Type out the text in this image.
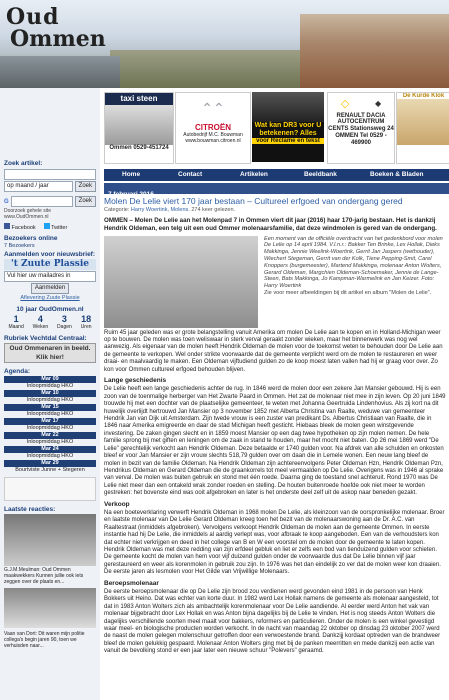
Oud
Ommen
Zoek artikel:
op maand / jaar	Zoek
G	Zoek
Doorzoek gehele site www.OudOmmen.nl
Facebook	Twitter
Bezoekers online
7 Bezoekers
Aanmelden voor nieuwsbrief:
't Zuute Plassie
Vul hier uw mailadres in
Aanmelden
Aflevering Zuute Plassie
10 jaar OudOmmen.nl
1
Maand
4
Weken
3
Dagen
18
Uren
Rubriek Vechtdal Centraal:
Oud Ommenaren in beeld. Klik hier!
Agenda:
Mar 09
Inloopmiddag HKO
Mar 10
Inloopmiddag HKO
Mar 15
Inloopmiddag HKO
Mar 17
Inloopmiddag HKO
Mar 22
Inloopmiddag HKO
Mar 24
Inloopmiddag HKO
Mar 29
Bourtviste Junne + Stegeren
Laatste reacties:
G.J.M.Meulman: Oud Ommen maakwekkers Kunnen jullie ook iets zeggen over de plaats en...
Vaan van Dort: Dit waren mijn politie collega's begin jaren 90, toen we verhuisden naar...
taxi steen
Ommen 0529-451724
⌃⌃
CITROËN
Autobedrijf M.C. Bouwman www.bouwman.citroen.nl
Wat kan DR3 voor U betekenen? Alles
voor Reclame en tekst
◇	◆
RENAULT DACIA
AUTOCENTRUM CENTS Stationsweg 24 OMMEN Tel 0529 - 469900
De Kurde Klok
Home	Contact	Artikelen	Beeldbank	Boeken & Bladen
7 februari 2016
Molen De Lelie viert 170 jaar bestaan – Cultureel erfgoed van ondergang gered
Categorie: Harry Woertink, Molens. 274 keer gelezen.
OMMEN – Molen De Lelie aan het Molenpad 7 in Ommen viert dit jaar (2016) haar 170-jarig bestaan. Het is dankzij Hendrik Oldeman, een telg uit een oud Ommer molenaarsfamilie, dat deze windmolen is gered van de ondergang.
Een moment van de officiële overdracht van het gedenkbord voor molen De Lelie op 14 april 1984. V.l.n.r.: Bakker Ten Brinke, Lex Hollak, Dieks Makkinga, Jennie Weelink-Woertink, Gerrit Jan Jaspers (wethouder), Wiechert Stegeman, Gerrit van der Kolk, Tiene Pepping-Smit, Carel Knoppers (burgemeester), Martend Makkinga, molenaar Anton Wolters, Gerard Oldeman, Margchien Oldeman-Schoemaker, Jennie de Lange-Steen, Bats Makkinga, Jo Kampman-Warmelink en Jan Keizer. Foto: Harry Woertink
Zie voor meer afbeeldingen bij dit artikel en album "Molen de Lelie".

Ruim 45 jaar geleden was er grote belangstelling vanuit Amerika om molen De Lelie aan te kopen en in Holland-Michigan weer op te bouwen. De molen was toen weliswaar in sterk verval geraakt zonder wieken, maar het binnenwerk was nog wel aanwezig. Als eigenaar van de molen heeft Hendrik Oldeman de molen voor de toekomst weten te behouden door De Lelie aan de gemeente te verkopen. Wel onder strikte voorwaarde dat de gemeente verplicht werd om de molen te restaureren en weer draai- en maalvaardig te maken. Een Oldeman vijftudiend gulden zo de koop moest laten vallen had hij er graag voor over. Zo kon voor Ommen cultureel erfgoed behouden blijven.

Lange geschiedenis

De Lelie heeft een lange geschiedenis achter de rug. In 1846 werd de molen door een zekere Jan Mansier gebouwd. Hij is een zoon van de toenmalige herberger van Het Zwarte Paard in Ommen. Het zat de molenaar niet mee in zijn leven. Op 20 juni 1849 trouwde hij met een dochter van de plaatselijke gemeenteer, te weten met Johanna Geertruida Lindenhovius. Als zij kort na dit huwelijk overlijdt hertrouwd Jan Mansier op 3 november 1852 met Alberta Christina van Raalte, weduwe van gemeenteer Hendrik Jan van Dijk uit Amsterdam. Zijn twede vrouw is een zuster van predikant Ds. Albertus Christiaan van Raalte, die in 1846 naar Amerika emigreerde en daar de stad Michigan heeft gesticht. Hiebaas bleek de molen geen winstgevende investering. De zaken gingen slecht en in 1859 moest Mansier op een dag twee hypotheken op zijn molen nemen. De hele familie sprong bij met giften en leningen om de zaak in stand te houden, maar het mocht niet baten. Op 26 mei 1869 werd "De Lelie" gerechtelijk verkocht aan Hendrik Oldeman. Deze betaalde er 1740 gulden voor. Na afdrek van alle schulden en onkosten bleef er voor Jan Mansier er zijn vrouw slechts 518,79 gulden over om daan die in Lemele wonen. Een neuw lang bleef de molen in bezit van de familie Oldeman. Na Hendrik Oldeman zijn achtereenvolgens Peter Oldeman Hzn, Hendrik Oldeman Pzn, Hendrikus Oldeman en Gerard Oldeman die de graankorrels tot meel vermaalden op De Lelie. Overigens was in 1946 al sprake van verval. De molen was buiten gebruik en stond met één roede. Daarna ging de toestand snel achteruit. Rond 1970 was De Lelie niet meer dan een ontakeld wrak zonder roeden en stelling. De houten buitenroede hoefde ook niet meer te worden gestreken: het bovenste eind was ooit afgebroken en later is het onderste deel zelf uit de askop naar beneden gezakt.

Verkoop

Na een boeteverklaring verwerft Hendrik Oldeman in 1968 molen De Lelie, als kleinzoon van de oorspronkelijke molenaar. Broer en laatste molenaar van De Lelie Gerard Oldeman kreeg toen het bezit van de molenaarswoning aan de Dr. A.C. van Raaltestraat (inmiddels afgebroken). Vervolgens verkoopt Hendrik Oldeman de molen aan de gemeente Ommen. In eerste instantie had hij De Lelie, die inmiddels al aardig verlept was, voor afbraak te koop aangeboden. Een van de verhoudsters kon dat echter niet verkrijgen en deed in het college van B en W een voorstel om de molen door de gemeente te laten kopen. Hendrik Oldeman was met deze redding van zijn erfdeel gebluk en liet er zelfs een bod van tienduizend gulden voor schieten. De gemeente kocht de molen van hem voor vijf duizend gulden onder de voorwaarde dus dat De Lelie binnen vijf jaar gerestaureerd en weer als korenmolen in gebruik zou zijn. In 1976 was het dan eindelijk zo ver dat de molen weer kon draaien. De eerste jaren als lesmolen voor Het Gilde van Vrijwillige Molenaars.

Beroepsmolenaar

De eerste beroepsmolenaar die op De Lelie zijn brood zou verdienen werd gevonden eind 1981 in de persoon van Henk Bokkers uit Heino. Dat was echter van korte duur. In 1982 werd Lex Hollak namens de gemeente als molenaar aangesteld, tot dat in 1983 Anton Wolters zich als ambachtelijk korenmolenaar voor De Lelie aandiende. Al eerder werd Anton het vak van molenaar bijgebracht door Lex Hollak en was Anton bijna dagelijks bij de Lelie te vinden. Het is nog steeds Anton Wolters die dagelijks verschillende soorten meel maalt voor bakkers, reformers en particulieren. Onder de molen is een winkel gevestigd waar meel- en biologische producten worden verkocht. In de nacht van maandag 22 oktober op dinsdag 23 oktober 2007 werd de naast de molen gelegen molenschuur getroffen door een verwoestende brand. Dankzijj kordaat optreden van de brandweer bleef de molen gelukkig gespaard. Molenaar Anton Wolters ging met bij de panken meerritten en mede dankzij een actie van vanuit de bevolking stond er een jaar later een nieuwe schuur "Polevers" geraamd.
